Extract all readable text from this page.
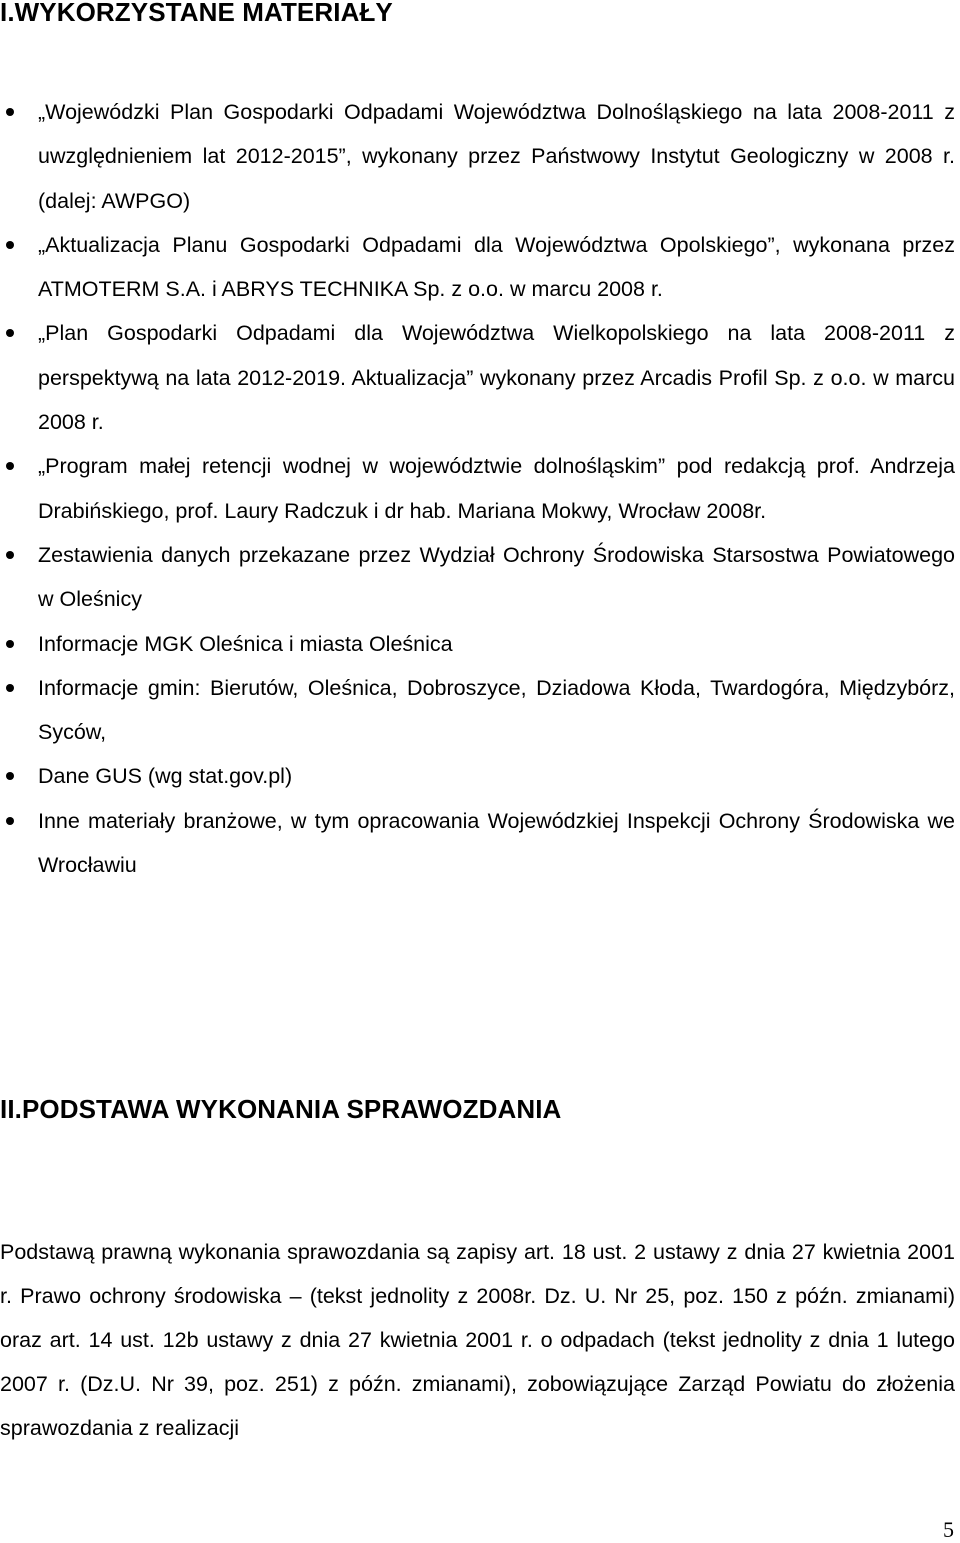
I.WYKORZYSTANE MATERIAŁY
„Wojewódzki Plan Gospodarki Odpadami Województwa Dolnośląskiego na lata 2008-2011 z uwzględnieniem lat 2012-2015”, wykonany przez Państwowy Instytut Geologiczny w 2008 r. (dalej: AWPGO)
„Aktualizacja Planu Gospodarki Odpadami dla Województwa Opolskiego”, wykonana przez ATMOTERM S.A. i ABRYS TECHNIKA Sp. z o.o. w marcu 2008 r.
„Plan Gospodarki Odpadami dla Województwa Wielkopolskiego na lata 2008-2011 z perspektywą na lata 2012-2019. Aktualizacja” wykonany przez Arcadis Profil Sp. z o.o. w marcu 2008 r.
„Program małej retencji wodnej w województwie dolnośląskim” pod redakcją prof. Andrzeja Drabińskiego, prof. Laury Radczuk i dr hab. Mariana Mokwy, Wrocław 2008r.
Zestawienia danych przekazane przez Wydział Ochrony Środowiska Starsostwa Powiatowego w Oleśnicy
Informacje MGK Oleśnica i miasta Oleśnica
Informacje gmin: Bierutów, Oleśnica, Dobroszyce, Dziadowa Kłoda, Twardogóra, Międzybórz, Syców,
Dane GUS (wg stat.gov.pl)
Inne materiały branżowe, w tym opracowania Wojewódzkiej Inspekcji Ochrony Środowiska we Wrocławiu
II.PODSTAWA WYKONANIA SPRAWOZDANIA

Podstawą prawną wykonania sprawozdania są zapisy art. 18 ust. 2 ustawy z dnia 27 kwietnia 2001 r. Prawo ochrony środowiska – (tekst jednolity z 2008r. Dz. U. Nr 25, poz. 150 z późn. zmianami) oraz art. 14 ust. 12b ustawy z dnia 27 kwietnia 2001 r. o odpadach (tekst jednolity z dnia 1 lutego 2007 r. (Dz.U. Nr 39, poz. 251) z późn. zmianami), zobowiązujące Zarząd Powiatu do złożenia sprawozdania z realizacji

5
